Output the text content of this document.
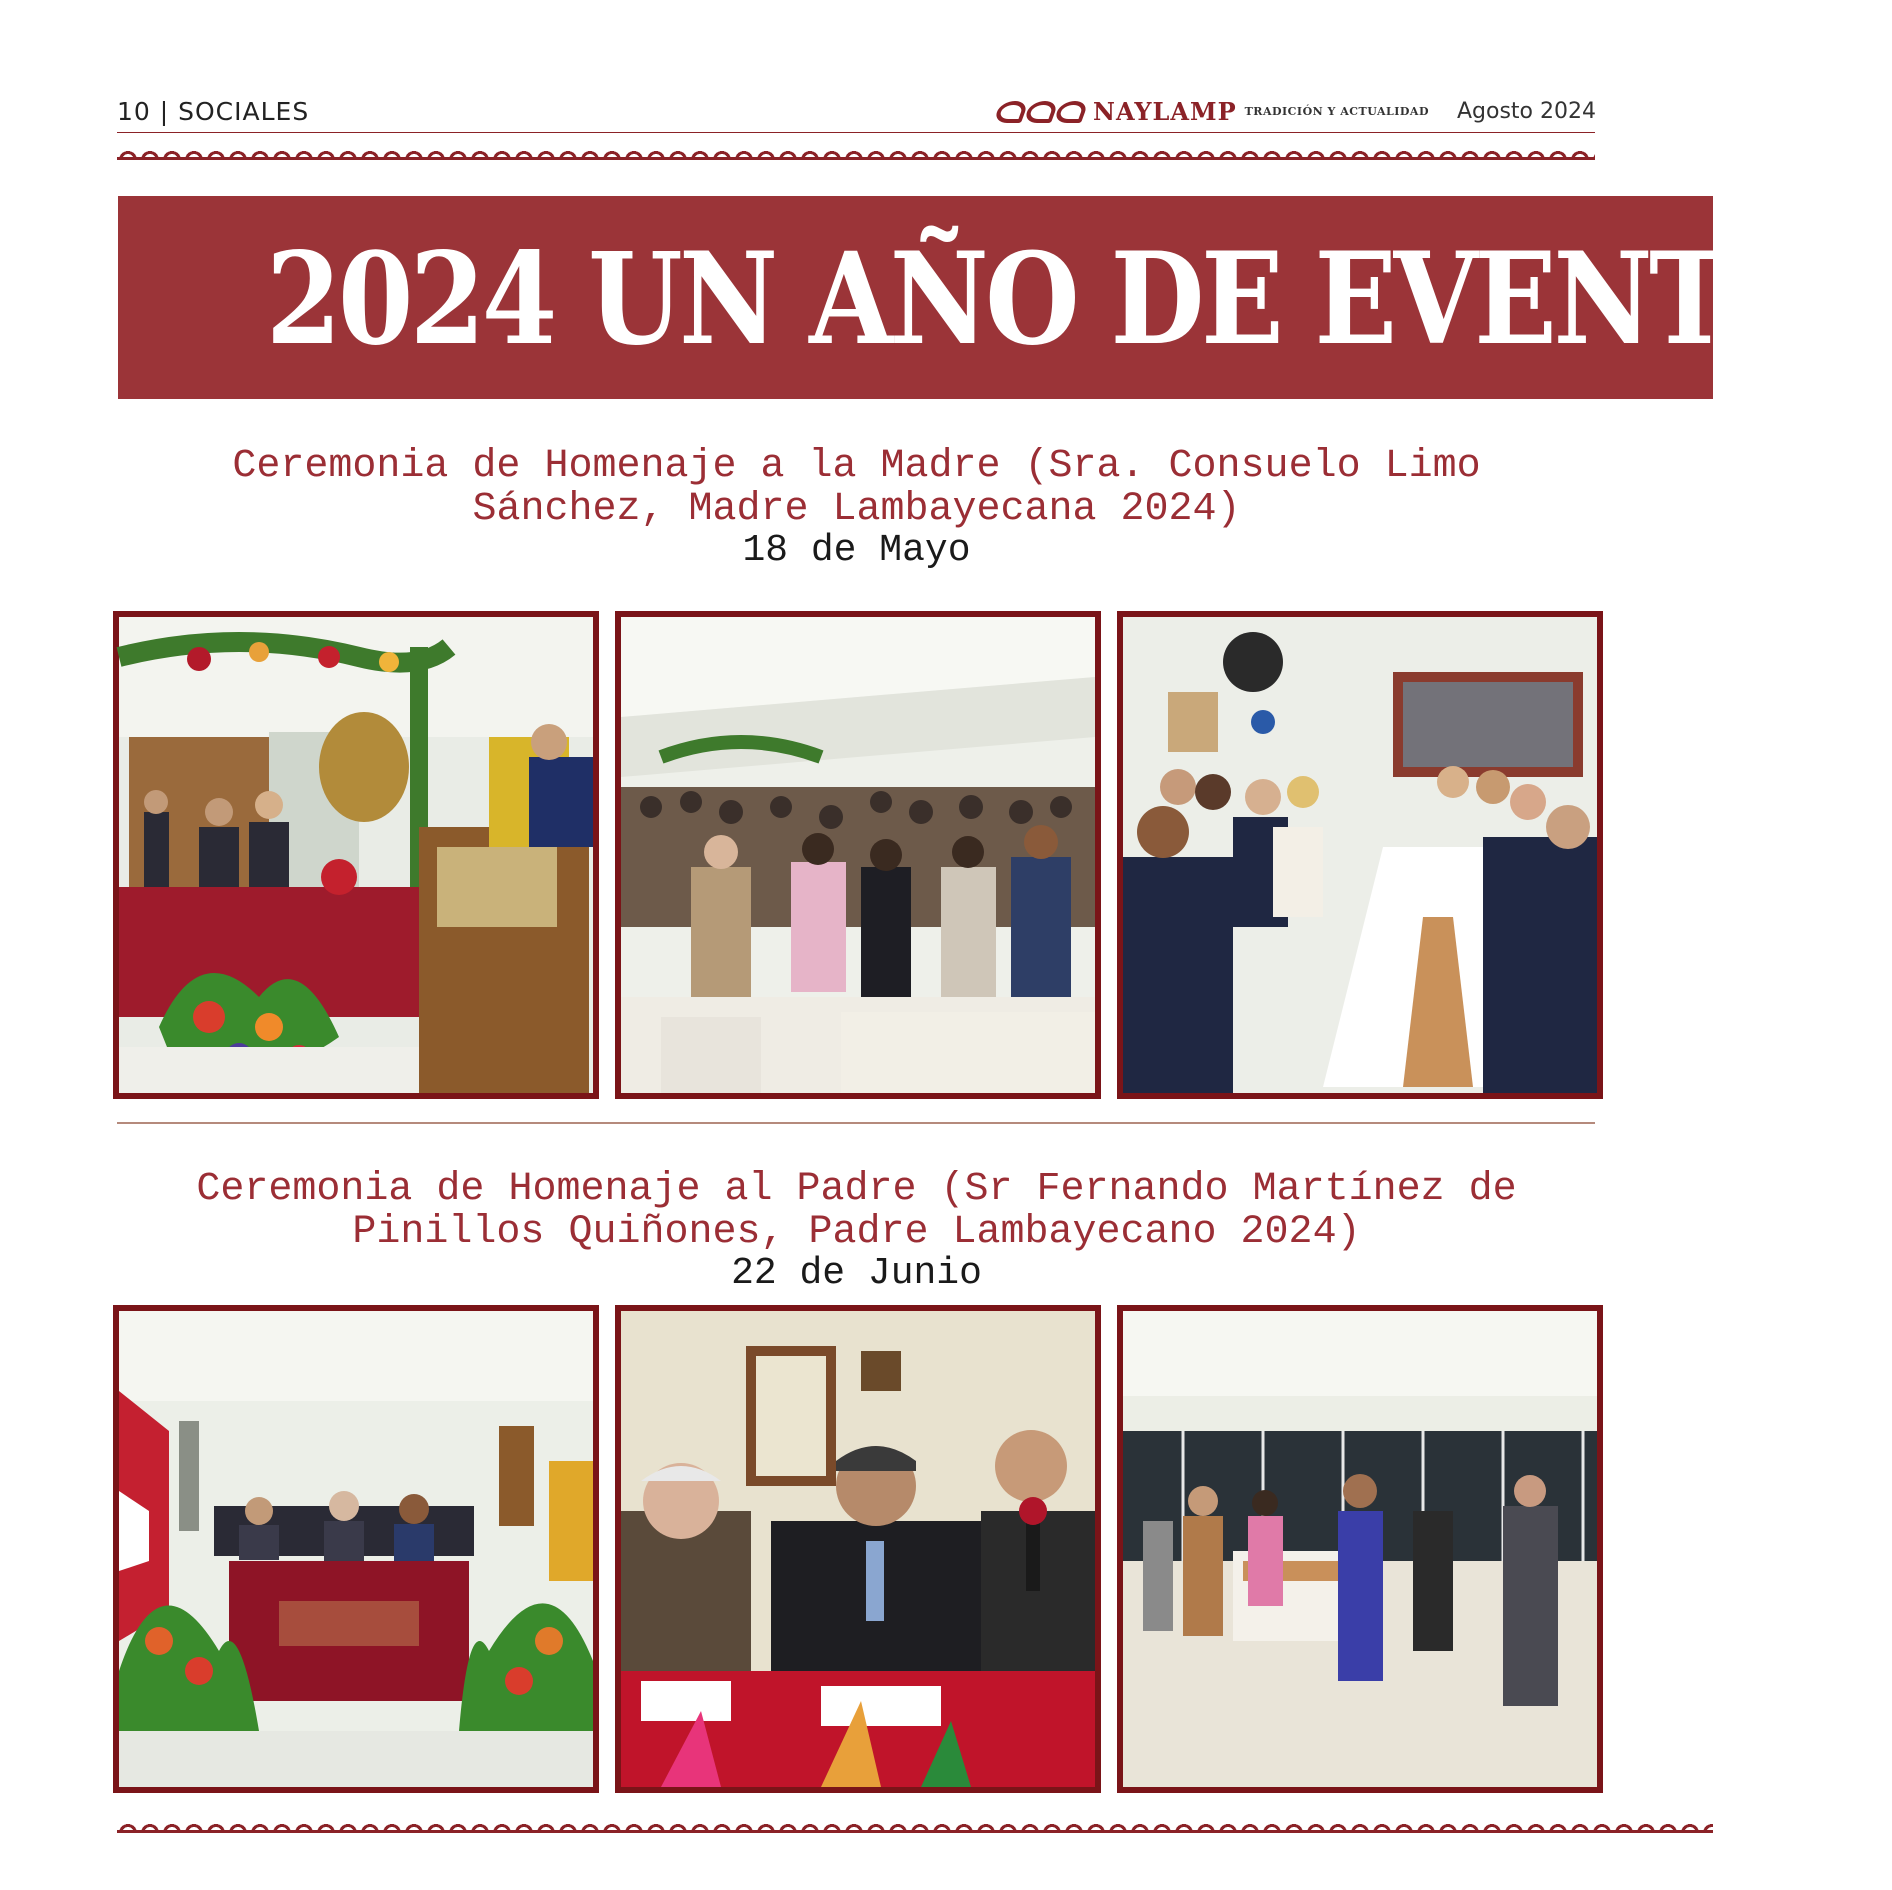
10 | SOCIALES	NAYLAMP TRADICIÓN Y ACTUALIDAD Agosto 2024
2024 UN AÑO DE EVENTOS
Ceremonia de Homenaje a la Madre (Sra. Consuelo Limo
Sánchez, Madre Lambayecana 2024)
18 de Mayo
Ceremonia de Homenaje al Padre (Sr Fernando Martínez de
Pinillos Quiñones, Padre Lambayecano 2024)
22 de Junio
